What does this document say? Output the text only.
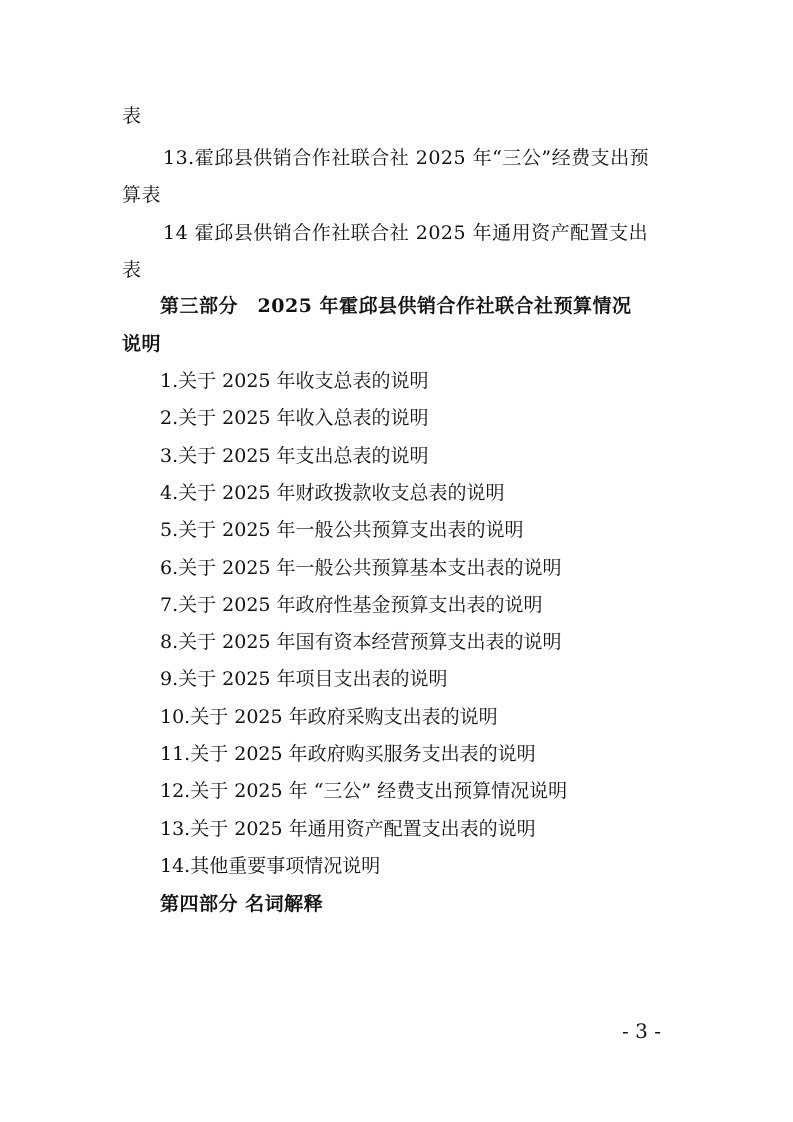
表
13.霍邱县供销合作社联合社 2025 年“三公”经费支出预
算表
14 霍邱县供销合作社联合社 2025 年通用资产配置支出
表
第三部分　2025 年霍邱县供销合作社联合社预算情况
说明
1.关于 2025 年收支总表的说明
2.关于 2025 年收入总表的说明
3.关于 2025 年支出总表的说明
4.关于 2025 年财政拨款收支总表的说明
5.关于 2025 年一般公共预算支出表的说明
6.关于 2025 年一般公共预算基本支出表的说明
7.关于 2025 年政府性基金预算支出表的说明
8.关于 2025 年国有资本经营预算支出表的说明
9.关于 2025 年项目支出表的说明
10.关于 2025 年政府采购支出表的说明
11.关于 2025 年政府购买服务支出表的说明
12.关于 2025 年 “三公” 经费支出预算情况说明
13.关于 2025 年通用资产配置支出表的说明
14.其他重要事项情况说明
第四部分 名词解释
- 3 -
